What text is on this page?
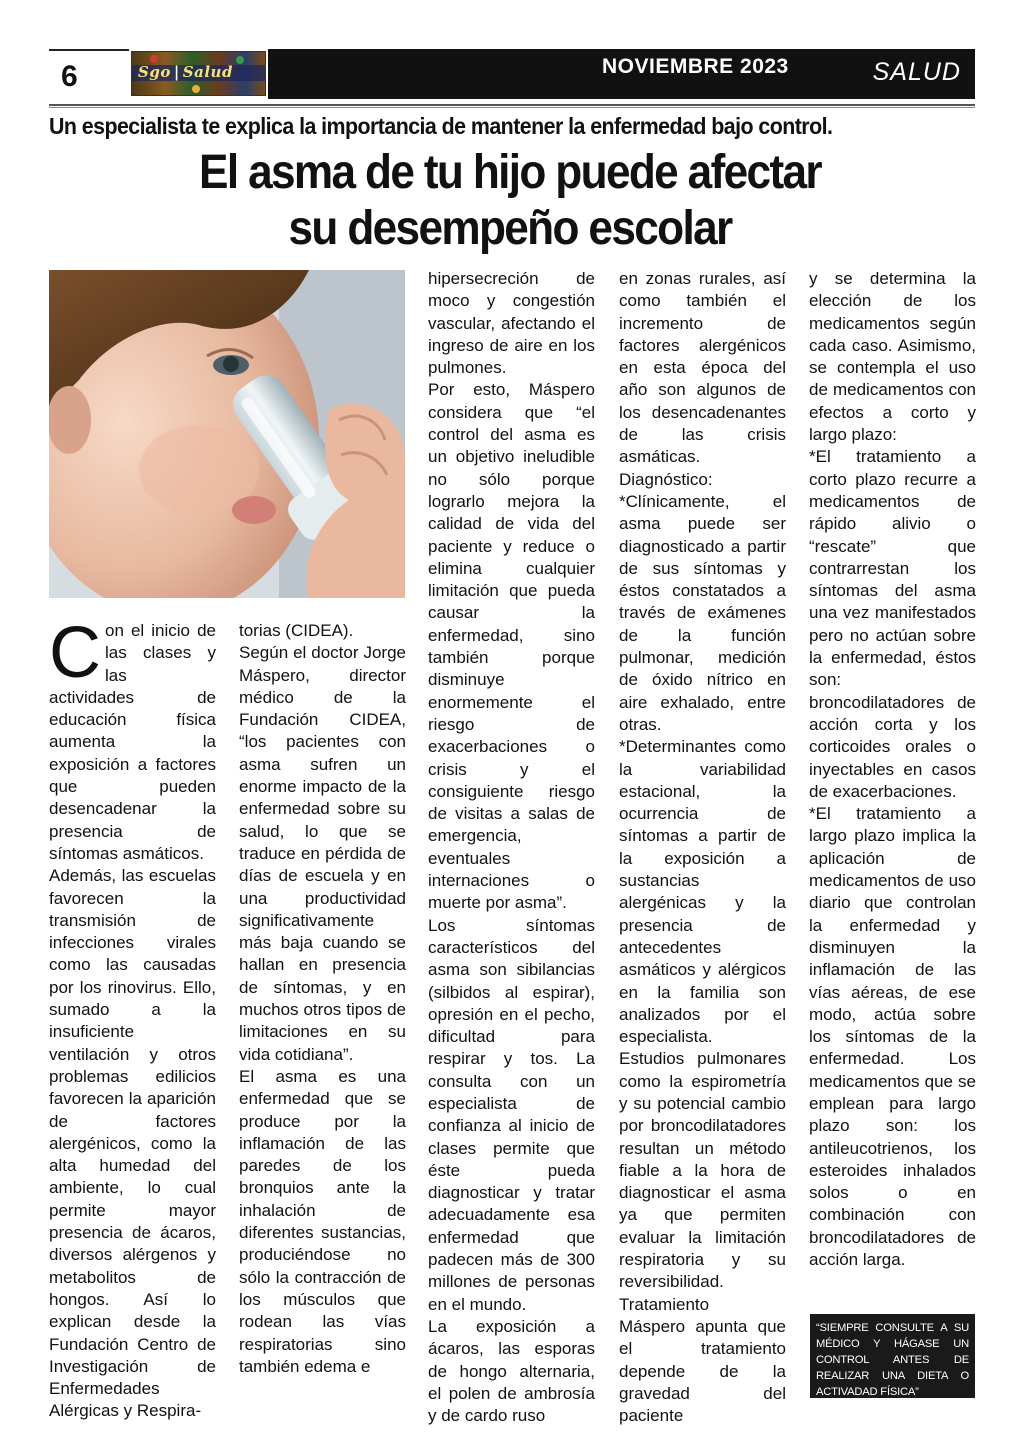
6	Sgo | Salud	NOVIEMBRE 2023	SALUD
Un especialista te explica la importancia de mantener la enfermedad bajo control.
El asma de tu hijo puede afectar
su desempeño escolar

Con el inicio de las clases y las actividades de educación física aumenta la exposición a factores que pueden desencadenar la presencia de síntomas asmáticos.

Además, las escuelas favorecen la transmisión de infecciones virales como las causadas por los rinovirus. Ello, sumado a la insuficiente ventilación y otros problemas edilicios favorecen la aparición de factores alergénicos, como la alta humedad del ambiente, lo cual permite mayor presencia de ácaros, diversos alérgenos y metabolitos de hongos. Así lo explican desde la Fundación Centro de Investigación de Enfermedades Alérgicas y Respira-

torias (CIDEA).

Según el doctor Jorge Máspero, director médico de la Fundación CIDEA, “los pacientes con asma sufren un enorme impacto de la enfermedad sobre su salud, lo que se traduce en pérdida de días de escuela y en una productividad significativamente más baja cuando se hallan en presencia de síntomas, y en muchos otros tipos de limitaciones en su vida cotidiana”.

El asma es una enfermedad que se produce por la inflamación de las paredes de los bronquios ante la inhalación de diferentes sustancias, produciéndose no sólo la contracción de los músculos que rodean las vías respiratorias sino también edema e

hipersecreción de moco y congestión vascular, afectando el ingreso de aire en los pulmones.

Por esto, Máspero considera que “el control del asma es un objetivo ineludible no sólo porque lograrlo mejora la calidad de vida del paciente y reduce o elimina cualquier limitación que pueda causar la enfermedad, sino también porque disminuye enormemente el riesgo de exacerbaciones o crisis y el consiguiente riesgo de visitas a salas de emergencia, eventuales internaciones o muerte por asma”.

Los síntomas característicos del asma son sibilancias (silbidos al espirar), opresión en el pecho, dificultad para respirar y tos. La consulta con un especialista de confianza al inicio de clases permite que éste pueda diagnosticar y tratar adecuadamente esa enfermedad que padecen más de 300 millones de personas en el mundo.

La exposición a ácaros, las esporas de hongo alternaria, el polen de ambrosía y de cardo ruso

en zonas rurales, así como también el incremento de factores alergénicos en esta época del año son algunos de los desencadenantes de las crisis asmáticas.

Diagnóstico:

*Clínicamente, el asma puede ser diagnosticado a partir de sus síntomas y éstos constatados a través de exámenes de la función pulmonar, medición de óxido nítrico en aire exhalado, entre otras.

*Determinantes como la variabilidad estacional, la ocurrencia de síntomas a partir de la exposición a sustancias alergénicas y la presencia de antecedentes asmáticos y alérgicos en la familia son analizados por el especialista.

Estudios pulmonares como la espirometría y su potencial cambio por broncodilatadores resultan un método fiable a la hora de diagnosticar el asma ya que permiten evaluar la limitación respiratoria y su reversibilidad.

Tratamiento

Máspero apunta que el tratamiento depende de la gravedad del paciente

y se determina la elección de los medicamentos según cada caso. Asimismo, se contempla el uso de medicamentos con efectos a corto y largo plazo:

*El tratamiento a corto plazo recurre a medicamentos de rápido alivio o “rescate” que contrarrestan los síntomas del asma una vez manifestados pero no actúan sobre la enfermedad, éstos son: broncodilatadores de acción corta y los corticoides orales o inyectables en casos de exacerbaciones.

*El tratamiento a largo plazo implica la aplicación de medicamentos de uso diario que controlan la enfermedad y disminuyen la inflamación de las vías aéreas, de ese modo, actúa sobre los síntomas de la enfermedad. Los medicamentos que se emplean para largo plazo son: los antileucotrienos, los esteroides inhalados solos o en combinación con broncodilatadores de acción larga.

“SIEMPRE CONSULTE A SU MÉDICO Y HÁGASE UN CONTROL ANTES DE REALIZAR UNA DIETA O ACTIVADAD FÍSICA”
